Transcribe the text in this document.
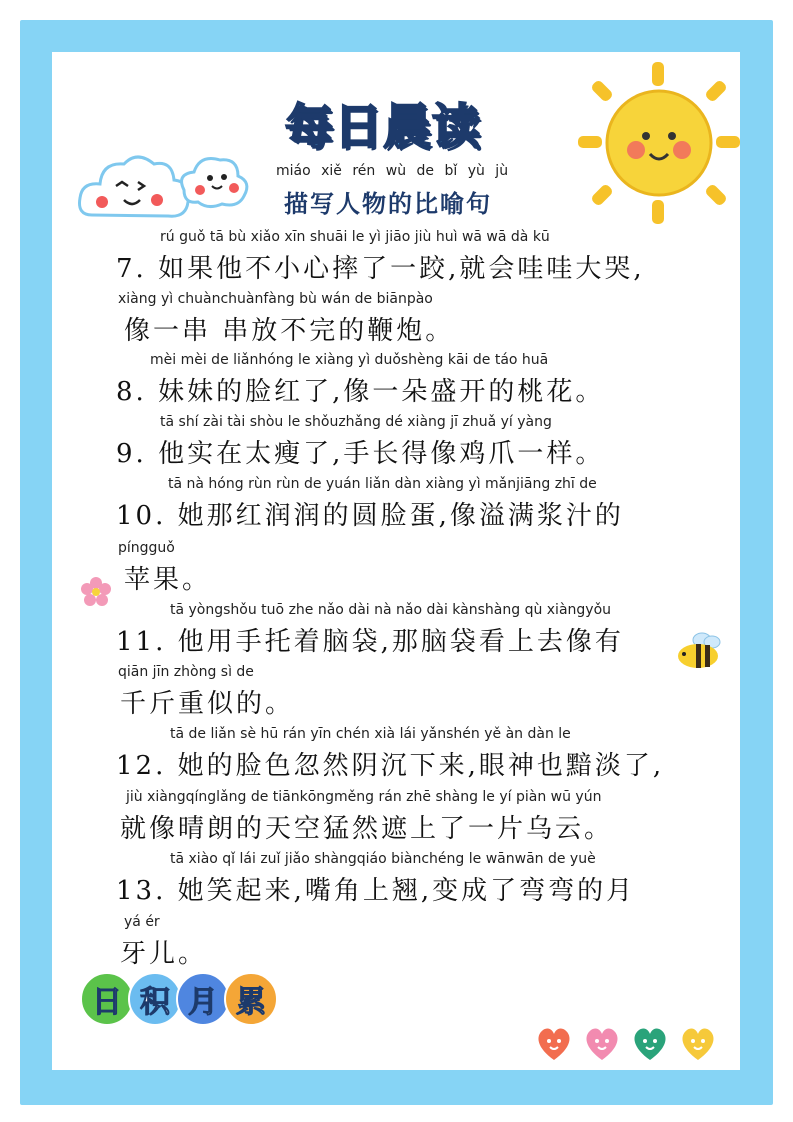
每日晨读
miáo xiě rén wù de bǐ yù jù
描写人物的比喻句
rú guǒ tā bù xiǎo xīn shuāi le yì jiāo jiù huì wā wā dà kū
7. 如果他不小心摔了一跤,就会哇哇大哭,
xiàng yì chuànchuànfàng bù wán de biānpào
像一串 串放不完的鞭炮。
mèi mèi de liǎnhóng le xiàng yì duǒshèng kāi de táo huā
8. 妹妹的脸红了,像一朵盛开的桃花。
tā shí zài tài shòu le shǒuzhǎng dé xiàng jī zhuǎ yí yàng
9. 他实在太瘦了,手长得像鸡爪一样。
tā nà hóng rùn rùn de yuán liǎn dàn xiàng yì mǎnjiāng zhī de
10. 她那红润润的圆脸蛋,像溢满浆汁的
píngguǒ
苹果。
tā yòngshǒu tuō zhe nǎo dài nà nǎo dài kànshàng qù xiàngyǒu
11. 他用手托着脑袋,那脑袋看上去像有
qiān jīn zhòng sì de
千斤重似的。
tā de liǎn sè hū rán yīn chén xià lái yǎnshén yě àn dàn le
12. 她的脸色忽然阴沉下来,眼神也黯淡了,
jiù xiàngqínglǎng de tiānkōngměng rán zhē shàng le yí piàn wū yún
就像晴朗的天空猛然遮上了一片乌云。
tā xiào qǐ lái zuǐ jiǎo shàngqiáo biànchéng le wānwān de yuè
13. 她笑起来,嘴角上翘,变成了弯弯的月
yá ér
牙儿。
日 积 月 累
